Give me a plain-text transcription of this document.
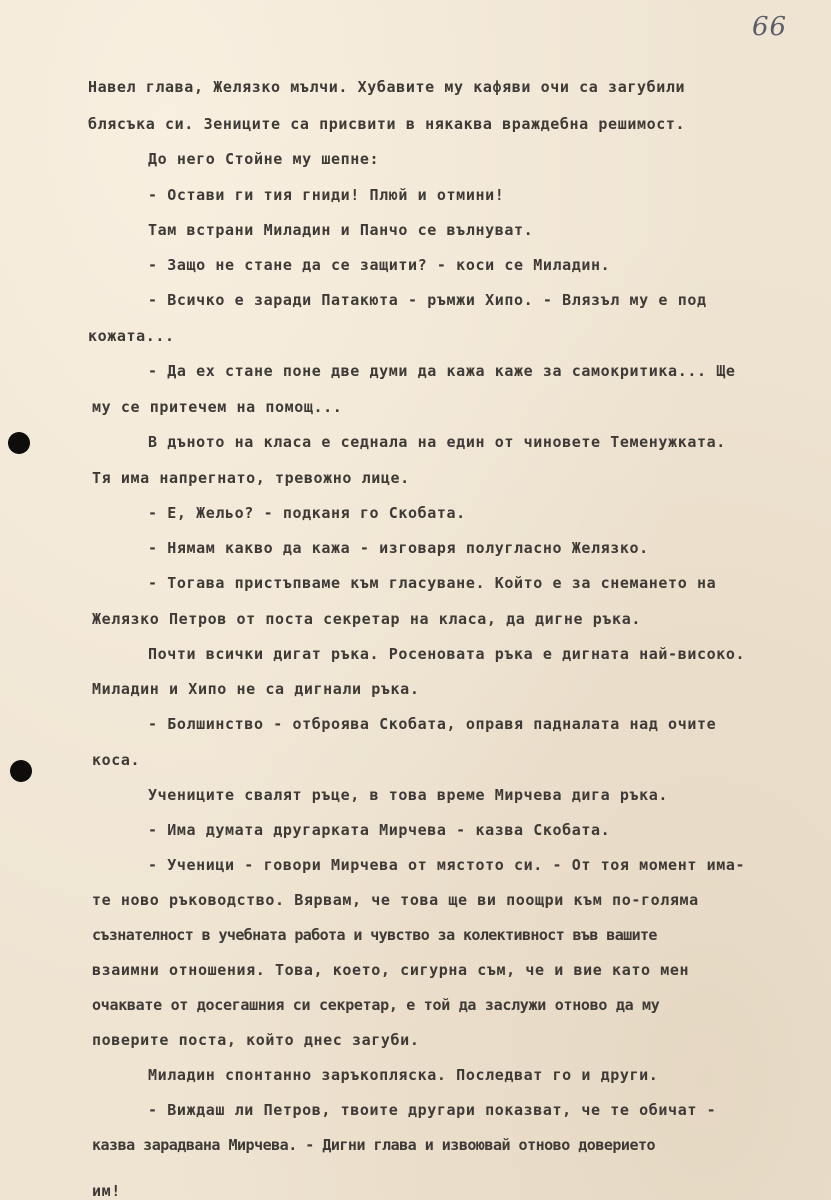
66
Навел глава, Желязко мълчи. Хубавите му кафяви очи са загубили
блясъка си. Зениците са присвити в някаква враждебна решимост.
До него Стойне му шепне:
- Остави ги тия гниди! Плюй и отмини!
Там встрани Миладин и Панчо се вълнуват.
- Защо не стане да се защити? - коси се Миладин.
- Всичко е заради Патакюта - ръмжи Хипо. - Влязъл му е под
кожата...
- Да ех стане поне две думи да кажа каже за самокритика... Ще
му се притечем на помощ...
В дъното на класа е седнала на един от чиновете Теменужката.
Тя има напрегнато, тревожно лице.
- Е, Жельо? - подканя го Скобата.
- Нямам какво да кажа - изговаря полугласно Желязко.
- Тогава пристъпваме към гласуване. Който е за снемането на
Желязко Петров от поста секретар на класа, да дигне ръка.
Почти всички дигат ръка. Росеновата ръка е дигната най-високо.
Миладин и Хипо не са дигнали ръка.
- Болшинство - отброява Скобата, оправя падналата над очите
коса.
Учениците свалят ръце, в това време Мирчева дига ръка.
- Има думата другарката Мирчева - казва Скобата.
- Ученици - говори Мирчева от мястото си. - От тоя момент има-
те ново ръководство. Вярвам, че това ще ви поощри към по-голяма
съзнателност в учебната работа и чувство за колективност във вашите
взаимни отношения. Това, което, сигурна съм, че и вие като мен
очаквате от досегашния си секретар, е той да заслужи отново да му
поверите поста, който днес загуби.
Миладин спонтанно заръкопляска. Последват го и други.
- Виждаш ли Петров, твоите другари показват, че те обичат -
казва зарадвана Мирчева. - Дигни глава и извоювай отново доверието
им!
